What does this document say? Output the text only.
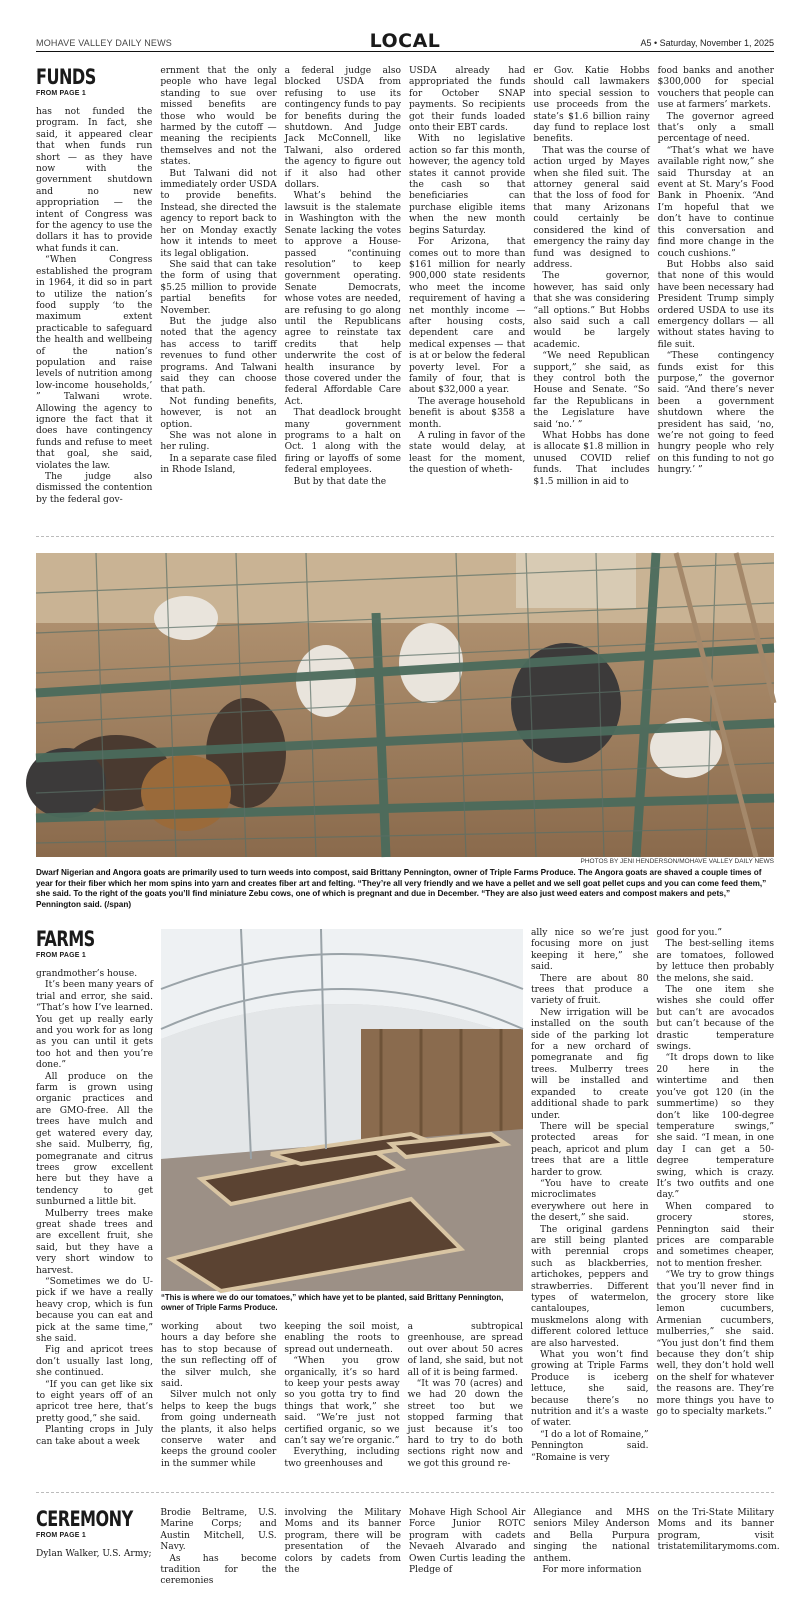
MOHAVE VALLEY DAILY NEWS	LOCAL	A5 • Saturday, November 1, 2025
FUNDS
FROM PAGE 1

has not funded the program. In fact, she said, it appeared clear that when funds run short — as they have now with the government shutdown and no new appropriation — the intent of Congress was for the agency to use the dollars it has to provide what funds it can.

“When Congress established the program in 1964, it did so in part to utilize the nation’s food supply ‘to the maximum extent practicable to safeguard the health and wellbeing of the nation’s population and raise levels of nutrition among low-income households,’ ” Talwani wrote. Allowing the agency to ignore the fact that it does have contingency funds and refuse to meet that goal, she said, violates the law.

The judge also dismissed the contention by the federal gov-

ernment that the only people who have legal standing to sue over missed benefits are those who would be harmed by the cutoff — meaning the recipients themselves and not the states.

But Talwani did not immediately order USDA to provide benefits. Instead, she directed the agency to report back to her on Monday exactly how it intends to meet its legal obligation.

She said that can take the form of using that $5.25 million to provide partial benefits for November.

But the judge also noted that the agency has access to tariff revenues to fund other programs. And Talwani said they can choose that path.

Not funding benefits, however, is not an option.

She was not alone in her ruling.

In a separate case filed in Rhode Island,

a federal judge also blocked USDA from refusing to use its contingency funds to pay for benefits during the shutdown. And Judge Jack McConnell, like Talwani, also ordered the agency to figure out if it also had other dollars.

What’s behind the lawsuit is the stalemate in Washington with the Senate lacking the votes to approve a House-passed “continuing resolution” to keep government operating. Senate Democrats, whose votes are needed, are refusing to go along until the Republicans agree to reinstate tax credits that help underwrite the cost of health insurance by those covered under the federal Affordable Care Act.

That deadlock brought many government programs to a halt on Oct. 1 along with the firing or layoffs of some federal employees.

But by that date the

USDA already had appropriated the funds for October SNAP payments. So recipients got their funds loaded onto their EBT cards.

With no legislative action so far this month, however, the agency told states it cannot provide the cash so that beneficiaries can purchase eligible items when the new month begins Saturday.

For Arizona, that comes out to more than $161 million for nearly 900,000 state residents who meet the income requirement of having a net monthly income — after housing costs, dependent care and medical expenses — that is at or below the federal poverty level. For a family of four, that is about $32,000 a year.

The average household benefit is about $358 a month.

A ruling in favor of the state would delay, at least for the moment, the question of wheth-

er Gov. Katie Hobbs should call lawmakers into special session to use proceeds from the state’s $1.6 billion rainy day fund to replace lost benefits.

That was the course of action urged by Mayes when she filed suit. The attorney general said that the loss of food for that many Arizonans could certainly be considered the kind of emergency the rainy day fund was designed to address.

The governor, however, has said only that she was considering “all options.” But Hobbs also said such a call would be largely academic.

“We need Republican support,” she said, as they control both the House and Senate. “So far the Republicans in the Legislature have said ‘no.’ ”

What Hobbs has done is allocate $1.8 million in unused COVID relief funds. That includes $1.5 million in aid to

food banks and another $300,000 for special vouchers that people can use at farmers’ markets.

The governor agreed that’s only a small percentage of need.

“That’s what we have available right now,” she said Thursday at an event at St. Mary’s Food Bank in Phoenix. “And I’m hopeful that we don’t have to continue this conversation and find more change in the couch cushions.”

But Hobbs also said that none of this would have been necessary had President Trump simply ordered USDA to use its emergency dollars — all without states having to file suit.

“These contingency funds exist for this purpose,” the governor said. “And there’s never been a government shutdown where the president has said, ‘no, we’re not going to feed hungry people who rely on this funding to not go hungry.’ ”

PHOTOS BY JENI HENDERSON/MOHAVE VALLEY DAILY NEWS
Dwarf Nigerian and Angora goats are primarily used to turn weeds into compost, said Brittany Pennington, owner of Triple Farms Produce. The Angora goats are shaved a couple times of year for their fiber which her mom spins into yarn and creates fiber art and felting. “They’re all very friendly and we have a pellet and we sell goat pellet cups and you can come feed them,” she said. To the right of the goats you’ll find miniature Zebu cows, one of which is pregnant and due in December. “They are also just weed eaters and compost makers and pets,” Pennington said. (/span)
FARMS
FROM PAGE 1

grandmother’s house.

It’s been many years of trial and error, she said. “That’s how I’ve learned. You get up really early and you work for as long as you can until it gets too hot and then you’re done.”

All produce on the farm is grown using organic practices and are GMO-free. All the trees have mulch and get watered every day, she said. Mulberry, fig, pomegranate and citrus trees grow excellent here but they have a tendency to get sunburned a little bit.

Mulberry trees make great shade trees and are excellent fruit, she said, but they have a very short window to harvest.

“Sometimes we do U-pick if we have a really heavy crop, which is fun because you can eat and pick at the same time,” she said.

Fig and apricot trees don’t usually last long, she continued.

“If you can get like six to eight years off of an apricot tree here, that’s pretty good,” she said.

Planting crops in July can take about a week

“This is where we do our tomatoes,” which have yet to be planted, said Brittany Pennington, owner of Triple Farms Produce.

working about two hours a day before she has to stop because of the sun reflecting off of the silver mulch, she said.

Silver mulch not only helps to keep the bugs from going underneath the plants, it also helps conserve water and keeps the ground cooler in the summer while

keeping the soil moist, enabling the roots to spread out underneath.

“When you grow organically, it’s so hard to keep your pests away so you gotta try to find things that work,” she said. “We’re just not certified organic, so we can’t say we’re organic.”

Everything, including two greenhouses and

a subtropical greenhouse, are spread out over about 50 acres of land, she said, but not all of it is being farmed.

“It was 70 (acres) and we had 20 down the street too but we stopped farming that just because it’s too hard to try to do both sections right now and we got this ground re-

ally nice so we’re just focusing more on just keeping it here,” she said.

There are about 80 trees that produce a variety of fruit.

New irrigation will be installed on the south side of the parking lot for a new orchard of pomegranate and fig trees. Mulberry trees will be installed and expanded to create additional shade to park under.

There will be special protected areas for peach, apricot and plum trees that are a little harder to grow.

“You have to create microclimates everywhere out here in the desert,” she said.

The original gardens are still being planted with perennial crops such as blackberries, artichokes, peppers and strawberries. Different types of watermelon, cantaloupes, muskmelons along with different colored lettuce are also harvested.

What you won’t find growing at Triple Farms Produce is iceberg lettuce, she said, because there’s no nutrition and it’s a waste of water.

“I do a lot of Romaine,” Pennington said. “Romaine is very

good for you.”

The best-selling items are tomatoes, followed by lettuce then probably the melons, she said.

The one item she wishes she could offer but can’t are avocados but can’t because of the drastic temperature swings.

“It drops down to like 20 here in the wintertime and then you’ve got 120 (in the summertime) so they don’t like 100-degree temperature swings,” she said. “I mean, in one day I can get a 50-degree temperature swing, which is crazy. It’s two outfits and one day.”

When compared to grocery stores, Pennington said their prices are comparable and sometimes cheaper, not to mention fresher.

“We try to grow things that you’ll never find in the grocery store like lemon cucumbers, Armenian cucumbers, mulberries,” she said. “You just don’t find them because they don’t ship well, they don’t hold well on the shelf for whatever the reasons are. They’re more things you have to go to specialty markets.”

CEREMONY
FROM PAGE 1

Dylan Walker, U.S. Army;

Brodie Beltrame, U.S. Marine Corps; and Austin Mitchell, U.S. Navy.

As has become tradition for the ceremonies

involving the Military Moms and its banner program, there will be presentation of the colors by cadets from the

Mohave High School Air Force Junior ROTC program with cadets Nevaeh Alvarado and Owen Curtis leading the Pledge of

Allegiance and MHS seniors Miley Anderson and Bella Purpura singing the national anthem.

For more information

on the Tri-State Military Moms and its banner program, visit tristatemilitarymoms.com.
